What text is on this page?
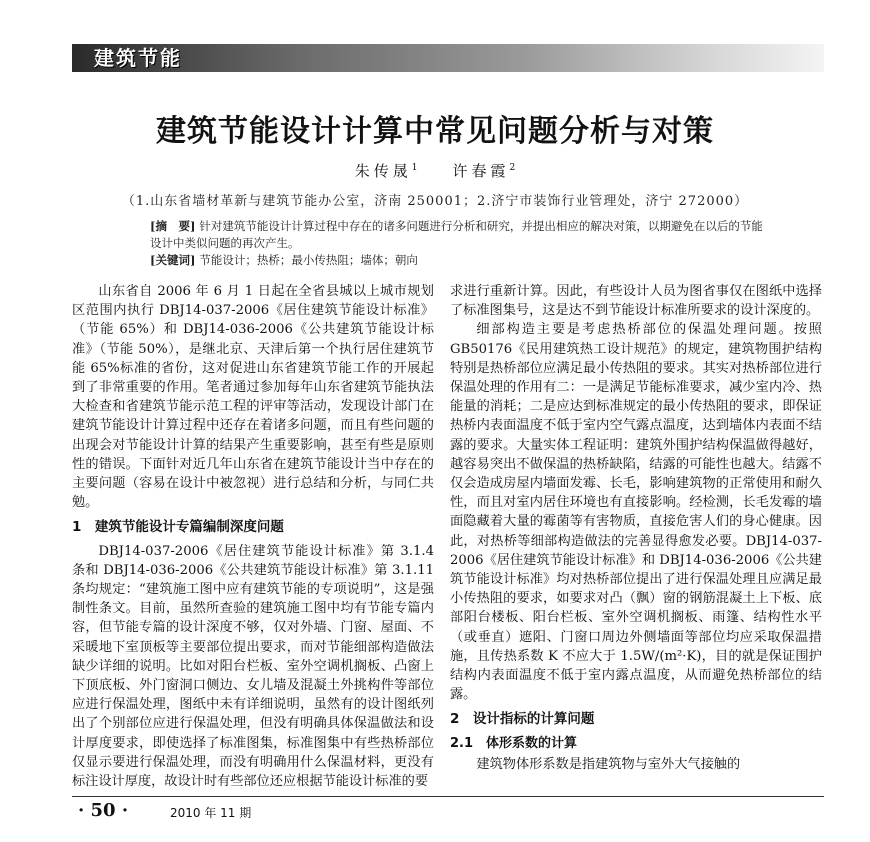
建筑节能
建筑节能设计计算中常见问题分析与对策
朱传晟$^1$ 许春霞$^2$
（1.山东省墙材革新与建筑节能办公室，济南 250001；2.济宁市装饰行业管理处，济宁 272000）

[摘　要] 针对建筑节能设计计算过程中存在的诸多问题进行分析和研究，并提出相应的解决对策，以期避免在以后的节能设计中类似问题的再次产生。

[关键词] 节能设计；热桥；最小传热阻；墙体；朝向

山东省自 2006 年 6 月 1 日起在全省县城以上城市规划区范围内执行 DBJ14-037-2006《居住建筑节能设计标准》（节能 65%）和 DBJ14-036-2006《公共建筑节能设计标准》（节能 50%），是继北京、天津后第一个执行居住建筑节能 65%标准的省份，这对促进山东省建筑节能工作的开展起到了非常重要的作用。笔者通过参加每年山东省建筑节能执法大检查和省建筑节能示范工程的评审等活动，发现设计部门在建筑节能设计计算过程中还存在着诸多问题，而且有些问题的出现会对节能设计计算的结果产生重要影响，甚至有些是原则性的错误。下面针对近几年山东省在建筑节能设计当中存在的主要问题（容易在设计中被忽视）进行总结和分析，与同仁共勉。

1　建筑节能设计专篇编制深度问题

DBJ14-037-2006《居住建筑节能设计标准》第 3.1.4 条和 DBJ14-036-2006《公共建筑节能设计标准》第 3.1.11 条均规定：“建筑施工图中应有建筑节能的专项说明”，这是强制性条文。目前，虽然所查验的建筑施工图中均有节能专篇内容，但节能专篇的设计深度不够，仅对外墙、门窗、屋面、不采暖地下室顶板等主要部位提出要求，而对节能细部构造做法缺少详细的说明。比如对阳台栏板、室外空调机搁板、凸窗上下顶底板、外门窗洞口侧边、女儿墙及混凝土外挑构件等部位应进行保温处理，图纸中未有详细说明，虽然有的设计图纸列出了个别部位应进行保温处理，但没有明确具体保温做法和设计厚度要求，即使选择了标准图集，标准图集中有些热桥部位仅显示要进行保温处理，而没有明确用什么保温材料，更没有标注设计厚度，故设计时有些部位还应根据节能设计标准的要

求进行重新计算。因此，有些设计人员为图省事仅在图纸中选择了标准图集号，这是达不到节能设计标准所要求的设计深度的。

细部构造主要是考虑热桥部位的保温处理问题。按照 GB50176《民用建筑热工设计规范》的规定，建筑物围护结构特别是热桥部位应满足最小传热阻的要求。其实对热桥部位进行保温处理的作用有二：一是满足节能标准要求，减少室内冷、热能量的消耗；二是应达到标准规定的最小传热阻的要求，即保证热桥内表面温度不低于室内空气露点温度，达到墙体内表面不结露的要求。大量实体工程证明：建筑外围护结构保温做得越好，越容易突出不做保温的热桥缺陷，结露的可能性也越大。结露不仅会造成房屋内墙面发霉、长毛，影响建筑物的正常使用和耐久性，而且对室内居住环境也有直接影响。经检测，长毛发霉的墙面隐藏着大量的霉菌等有害物质，直接危害人们的身心健康。因此，对热桥等细部构造做法的完善显得愈发必要。DBJ14-037-2006《居住建筑节能设计标准》和 DBJ14-036-2006《公共建筑节能设计标准》均对热桥部位提出了进行保温处理且应满足最小传热阻的要求，如要求对凸（飘）窗的钢筋混凝土上下板、底部阳台楼板、阳台栏板、室外空调机搁板、雨篷、结构性水平（或垂直）遮阳、门窗口周边外侧墙面等部位均应采取保温措施，且传热系数 K 不应大于 1.5W/(m²·K)，目的就是保证围护结构内表面温度不低于室内露点温度，从而避免热桥部位的结露。

2　设计指标的计算问题
2.1　体形系数的计算

建筑物体形系数是指建筑物与室外大气接触的

· 50 ·	2010 年 11 期
